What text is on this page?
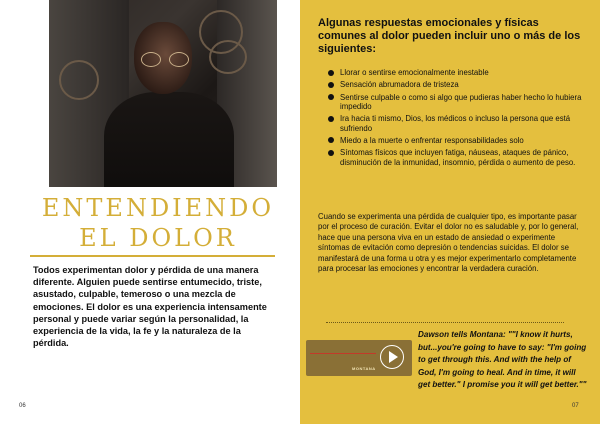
ENTENDIENDO
EL DOLOR
Todos experimentan dolor y pérdida de una manera diferente. Alguien puede sentirse entumecido, triste, asustado, culpable, temeroso o una mezcla de emociones. El dolor es una experiencia intensamente personal y puede variar según la personalidad, la experiencia de la vida, la fe y la naturaleza de la pérdida.
06
Algunas respuestas emocionales y físicas comunes al dolor pueden incluir uno o más de los siguientes:
Llorar o sentirse emocionalmente inestable
Sensación abrumadora de tristeza
Sentirse culpable o como si algo que pudieras haber hecho lo hubiera impedido
Ira hacia ti mismo, Dios, los médicos o incluso la persona que está sufriendo
Miedo a la muerte o enfrentar responsabilidades solo
Síntomas físicos que incluyen fatiga, náuseas, ataques de pánico, disminución de la inmunidad, insomnio, pérdida o aumento de peso.
Cuando se experimenta una pérdida de cualquier tipo, es importante pasar por el proceso de curación. Evitar el dolor no es saludable y, por lo general, hace que una persona viva en un estado de ansiedad o experimente síntomas de evitación como depresión o tendencias suicidas. El dolor se manifestará de una forma u otra y es mejor experimentarlo completamente para procesar las emociones y encontrar la verdadera curación.
MONTANA
Dawson tells Montana: ""I know it hurts, but...you're going to have to say: "I'm going to get through this. And with the help of God, I'm going to heal. And in time, it will get better." I promise you it will get better.""
07
